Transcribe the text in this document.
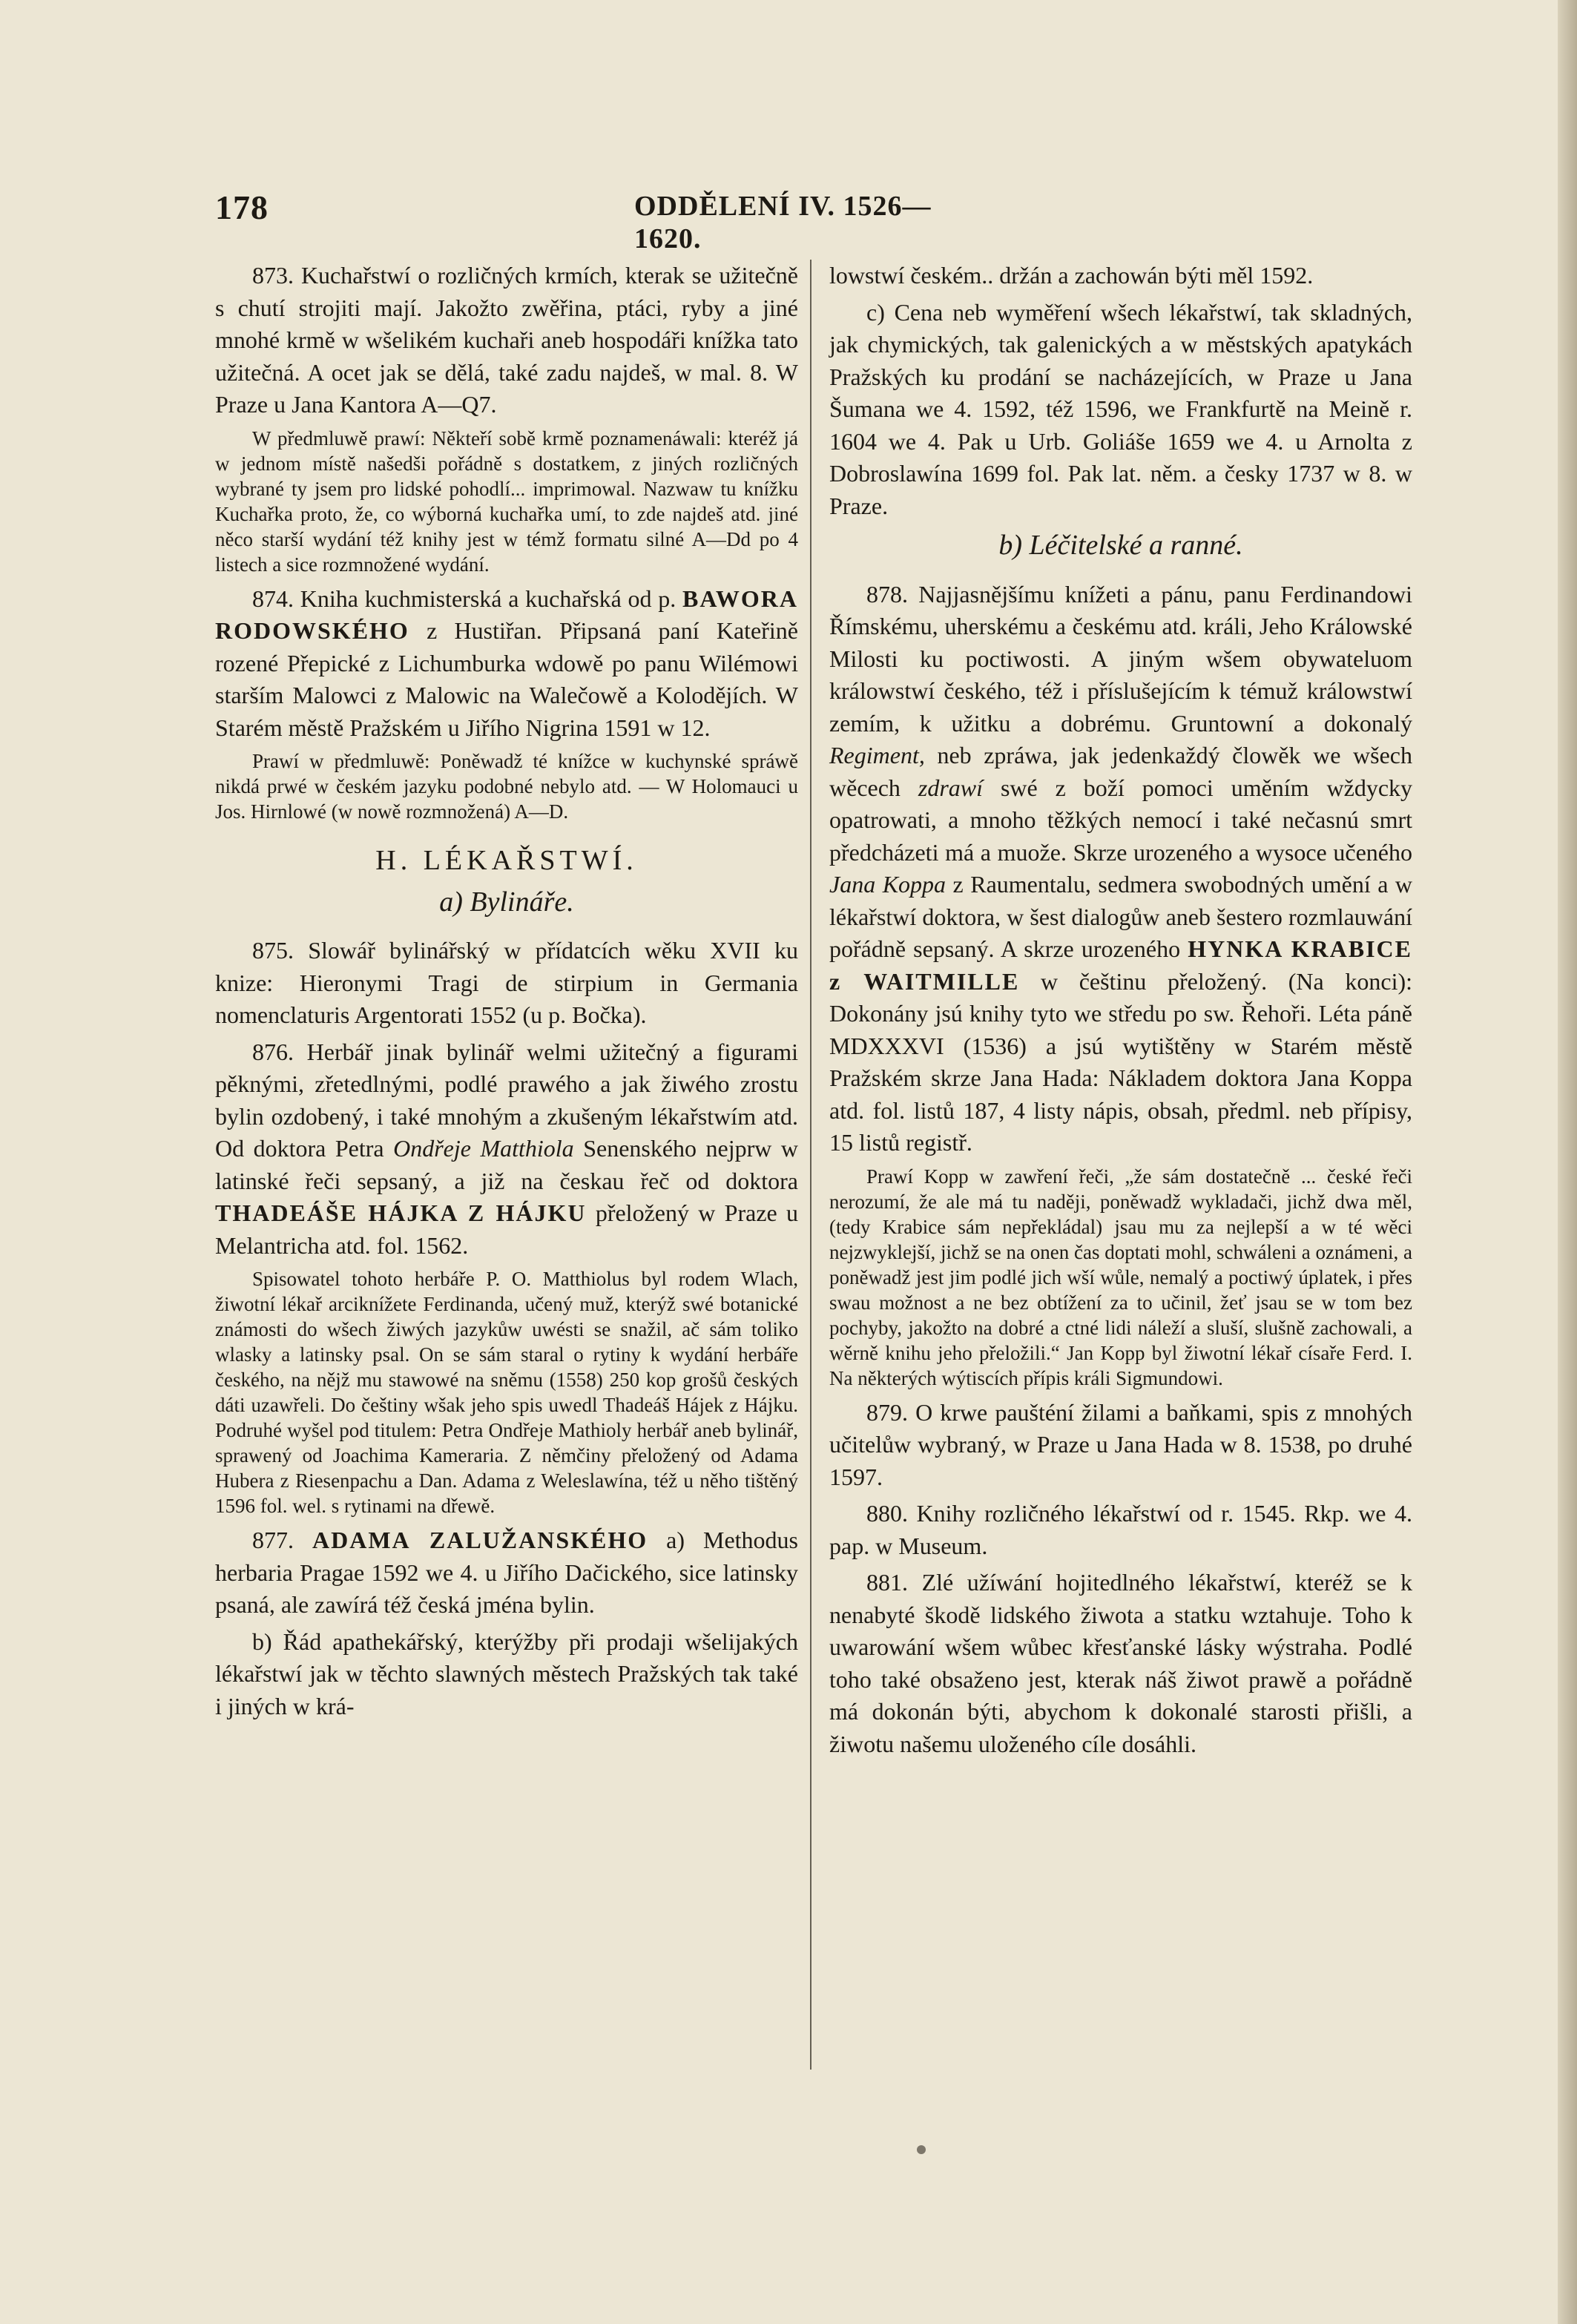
178	ODDĚLENÍ IV. 1526—1620.

873. Kuchařstwí o rozličných krmích, kterak se užitečně s chutí strojiti mají. Jakožto zwěřina, ptáci, ryby a jiné mnohé krmě w wšelikém kuchaři aneb hospodáři knížka tato užitečná. A ocet jak se dělá, také zadu najdeš, w mal. 8. W Praze u Jana Kantora A—Q7.

W předmluwě prawí: Někteří sobě krmě poznamenáwali: kteréž já w jednom místě našedši pořádně s dostatkem, z jiných rozličných wybrané ty jsem pro lidské pohodlí... imprimowal. Nazwaw tu knížku Kuchařka proto, že, co wýborná kuchařka umí, to zde najdeš atd. jiné něco starší wydání též knihy jest w témž formatu silné A—Dd po 4 listech a sice rozmnožené wydání.

874. Kniha kuchmisterská a kuchařská od p. BAWORA RODOWSKÉHO z Hustiřan. Připsaná paní Kateřině rozené Přepické z Lichumburka wdowě po panu Wilémowi starším Malowci z Malowic na Walečowě a Kolodějích. W Starém městě Pražském u Jiřího Nigrina 1591 w 12.

Prawí w předmluwě: Poněwadž té knížce w kuchynské spráwě nikdá prwé w českém jazyku podobné nebylo atd. — W Holomauci u Jos. Hirnlowé (w nowě rozmnožená) A—D.

H. LÉKAŘSTWÍ.
a) Bylináře.

875. Slowář bylinářský w přídatcích wěku XVII ku knize: Hieronymi Tragi de stirpium in Germania nomenclaturis Argentorati 1552 (u p. Bočka).

876. Herbář jinak bylinář welmi užitečný a figurami pěknými, zřetedlnými, podlé prawého a jak žiwého zrostu bylin ozdobený, i také mnohým a zkušeným lékařstwím atd. Od doktora Petra Ondřeje Matthiola Senenského nejprw w latinské řeči sepsaný, a již na českau řeč od doktora THADEÁŠE HÁJKA Z HÁJKU přeložený w Praze u Melantricha atd. fol. 1562.

Spisowatel tohoto herbáře P. O. Matthiolus byl rodem Wlach, žiwotní lékař arciknížete Ferdinanda, učený muž, kterýž swé botanické známosti do wšech žiwých jazykůw uwésti se snažil, ač sám toliko wlasky a latinsky psal. On se sám staral o rytiny k wydání herbáře českého, na nějž mu stawowé na sněmu (1558) 250 kop grošů českých dáti uzawřeli. Do češtiny wšak jeho spis uwedl Thadeáš Hájek z Hájku. Podruhé wyšel pod titulem: Petra Ondřeje Mathioly herbář aneb bylinář, sprawený od Joachima Kameraria. Z němčiny přeložený od Adama Hubera z Riesenpachu a Dan. Adama z Weleslawína, též u něho tištěný 1596 fol. wel. s rytinami na dřewě.

877. ADAMA ZALUŽANSKÉHO a) Methodus herbaria Pragae 1592 we 4. u Jiřího Dačického, sice latinsky psaná, ale zawírá též česká jména bylin.

b) Řád apathekářský, kterýžby při prodaji wšelijakých lékařstwí jak w těchto slawných městech Pražských tak také i jiných w krá-

lowstwí českém.. držán a zachowán býti měl 1592.

c) Cena neb wyměření wšech lékařstwí, tak skladných, jak chymických, tak galenických a w městských apatykách Pražských ku prodání se nacházejících, w Praze u Jana Šumana we 4. 1592, též 1596, we Frankfurtě na Meině r. 1604 we 4. Pak u Urb. Goliáše 1659 we 4. u Arnolta z Dobroslawína 1699 fol. Pak lat. něm. a česky 1737 w 8. w Praze.

b) Léčitelské a ranné.

878. Najjasnějšímu knížeti a pánu, panu Ferdinandowi Římskému, uherskému a českému atd. králi, Jeho Králowské Milosti ku poctiwosti. A jiným wšem obywateluom králowstwí českého, též i příslušejícím k témuž králowstwí zemím, k užitku a dobrému. Gruntowní a dokonalý Regiment, neb zpráwa, jak jedenkaždý člowěk we wšech wěcech zdrawí swé z boží pomoci uměním wždycky opatrowati, a mnoho těžkých nemocí i také nečasnú smrt předcházeti má a muože. Skrze urozeného a wysoce učeného Jana Koppa z Raumentalu, sedmera swobodných umění a w lékařstwí doktora, w šest dialogůw aneb šestero rozmlauwání pořádně sepsaný. A skrze urozeného HYNKA KRABICE z WAITMILLE w češtinu přeložený. (Na konci): Dokonány jsú knihy tyto we středu po sw. Řehoři. Léta páně MDXXXVI (1536) a jsú wytištěny w Starém městě Pražském skrze Jana Hada: Nákladem doktora Jana Koppa atd. fol. listů 187, 4 listy nápis, obsah, předml. neb přípisy, 15 listů registř.

Prawí Kopp w zawření řeči, „že sám dostatečně ... české řeči nerozumí, že ale má tu naději, poněwadž wykladači, jichž dwa měl, (tedy Krabice sám nepřekládal) jsau mu za nejlepší a w té wěci nejzwyklejší, jichž se na onen čas doptati mohl, schwáleni a oznámeni, a poněwadž jest jim podlé jich wší wůle, nemalý a poctiwý úplatek, i přes swau možnost a ne bez obtížení za to učinil, žeť jsau se w tom bez pochyby, jakožto na dobré a ctné lidi náleží a sluší, slušně zachowali, a wěrně knihu jeho přeložili.“ Jan Kopp byl žiwotní lékař císaře Ferd. I. Na některých wýtiscích přípis králi Sigmundowi.

879. O krwe paušténí žilami a baňkami, spis z mnohých učitelůw wybraný, w Praze u Jana Hada w 8. 1538, po druhé 1597.

880. Knihy rozličného lékařstwí od r. 1545. Rkp. we 4. pap. w Museum.

881. Zlé užíwání hojitedlného lékařstwí, kteréž se k nenabyté škodě lidského žiwota a statku wztahuje. Toho k uwarowání wšem wůbec křesťanské lásky wýstraha. Podlé toho také obsaženo jest, kterak náš žiwot prawě a pořádně má dokonán býti, abychom k dokonalé starosti přišli, a žiwotu našemu uloženého cíle dosáhli.
